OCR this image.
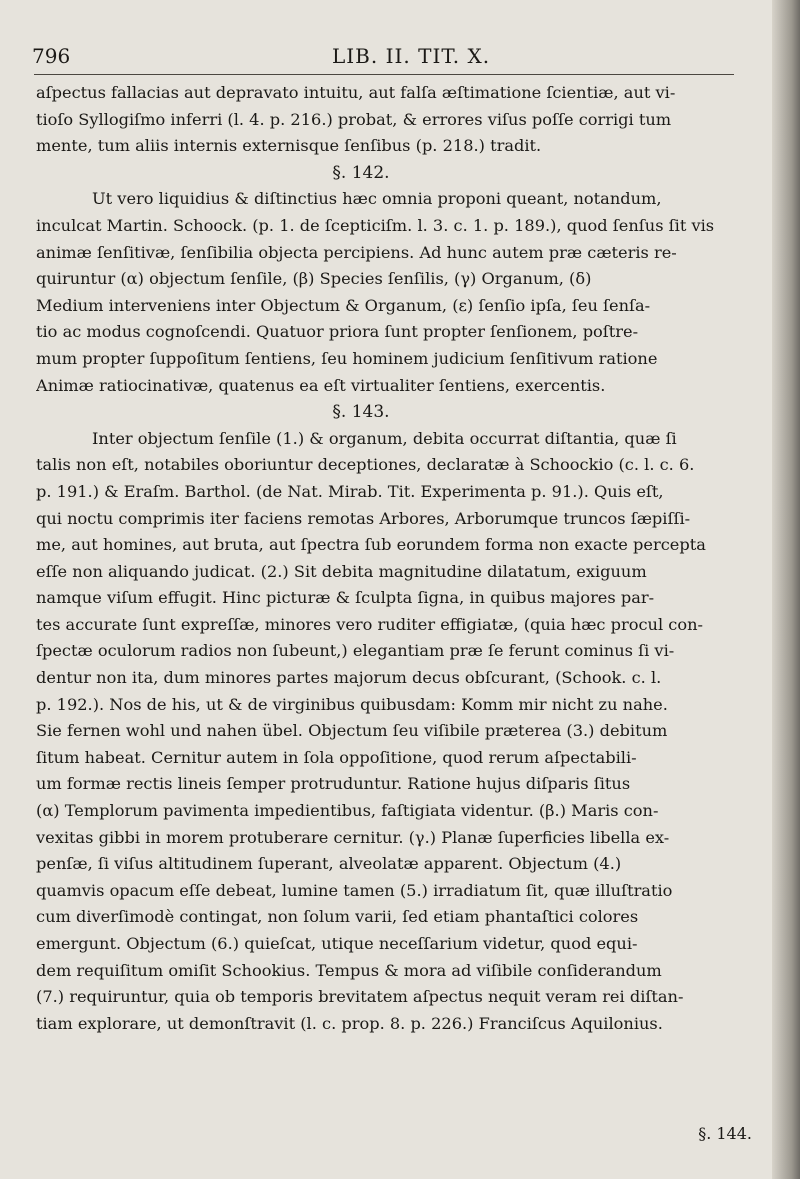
796	LIB. II. TIT. X.
aſpectus fallacias aut depravato intuitu, aut falſa æſtimatione ſcientiæ, aut vi-
tioſo Syllogiſmo inferri (l. 4. p. 216.) probat, & errores viſus poſſe corrigi tum
mente, tum aliis internis externisque ſenſibus (p. 218.) tradit.
§. 142.
Ut vero liquidius & diſtinctius hæc omnia proponi queant, notandum,
inculcat Martin. Schoock. (p. 1. de ſcepticiſm. l. 3. c. 1. p. 189.), quod ſenſus ſit vis
animæ ſenſitivæ, ſenſibilia objecta percipiens. Ad hunc autem præ cæteris re-
quiruntur (α) objectum ſenſile, (β) Species ſenſilis, (γ) Organum, (δ)
Medium interveniens inter Objectum & Organum, (ε) ſenſio ipſa, ſeu ſenſa-
tio ac modus cognoſcendi. Quatuor priora ſunt propter ſenſionem, poſtre-
mum propter ſuppoſitum ſentiens, ſeu hominem judicium ſenſitivum ratione
Animæ ratiocinativæ, quatenus ea eſt virtualiter ſentiens, exercentis.
§. 143.
Inter objectum ſenſile (1.) & organum, debita occurrat diſtantia, quæ ſi
talis non eſt, notabiles oboriuntur deceptiones, declaratæ à Schoockio (c. l. c. 6.
p. 191.) & Eraſm. Barthol. (de Nat. Mirab. Tit. Experimenta p. 91.). Quis eſt,
qui noctu comprimis iter faciens remotas Arbores, Arborumque truncos ſæpiſſi-
me, aut homines, aut bruta, aut ſpectra ſub eorundem forma non exacte percepta
eſſe non aliquando judicat. (2.) Sit debita magnitudine dilatatum, exiguum
namque viſum effugit. Hinc picturæ & ſculpta ſigna, in quibus majores par-
tes accurate ſunt expreſſæ, minores vero ruditer effigiatæ, (quia hæc procul con-
ſpectæ oculorum radios non ſubeunt,) elegantiam præ ſe ferunt cominus ſi vi-
dentur non ita, dum minores partes majorum decus obſcurant, (Schook. c. l.
p. 192.). Nos de his, ut & de virginibus quibusdam: Komm mir nicht zu nahe.
Sie fernen wohl und nahen übel. Objectum ſeu viſibile præterea (3.) debitum
ſitum habeat. Cernitur autem in ſola oppoſitione, quod rerum aſpectabili-
um formæ rectis lineis ſemper protruduntur. Ratione hujus diſparis ſitus
(α) Templorum pavimenta impedientibus, faſtigiata videntur. (β.) Maris con-
vexitas gibbi in morem protuberare cernitur. (γ.) Planæ ſuperficies libella ex-
penſæ, ſi viſus altitudinem ſuperant, alveolatæ apparent. Objectum (4.)
quamvis opacum eſſe debeat, lumine tamen (5.) irradiatum ſit, quæ illuſtratio
cum diverſimodè contingat, non ſolum varii, ſed etiam phantaſtici colores
emergunt. Objectum (6.) quieſcat, utique neceſſarium videtur, quod equi-
dem requiſitum omiſit Schookius. Tempus & mora ad viſibile conſiderandum
(7.) requiruntur, quia ob temporis brevitatem aſpectus nequit veram rei diſtan-
tiam explorare, ut demonſtravit (l. c. prop. 8. p. 226.) Franciſcus Aquilonius.
§. 144.
